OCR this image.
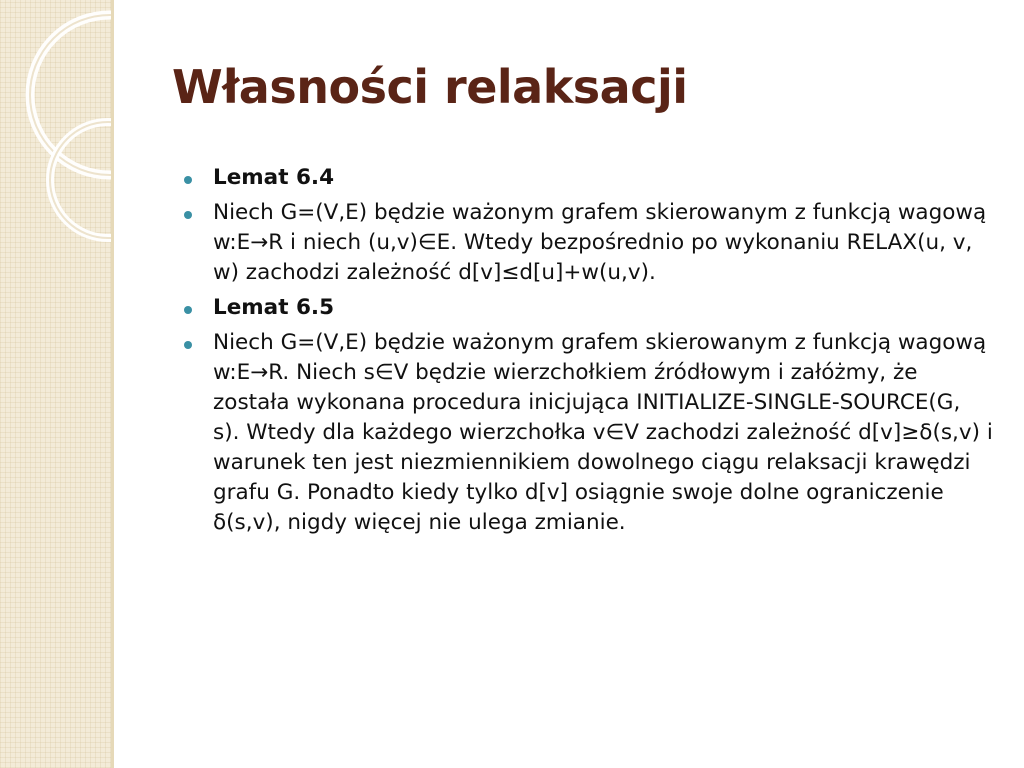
Własności relaksacji
Lemat 6.4
Niech G=(V,E) będzie ważonym grafem skierowanym z funkcją wagową w:E→R i niech (u,v)∈E. Wtedy bezpośrednio po wykonaniu RELAX(u, v, w) zachodzi zależność d[v]≤d[u]+w(u,v).
Lemat 6.5
Niech G=(V,E) będzie ważonym grafem skierowanym z funkcją wagową w:E→R. Niech s∈V będzie wierzchołkiem źródłowym i załóżmy, że została wykonana procedura inicjująca INITIALIZE-SINGLE-SOURCE(G, s). Wtedy dla każdego wierzchołka v∈V zachodzi zależność d[v]≥δ(s,v) i warunek ten jest niezmiennikiem dowolnego ciągu relaksacji krawędzi grafu G. Ponadto kiedy tylko d[v] osiągnie swoje dolne ograniczenie δ(s,v), nigdy więcej nie ulega zmianie.
